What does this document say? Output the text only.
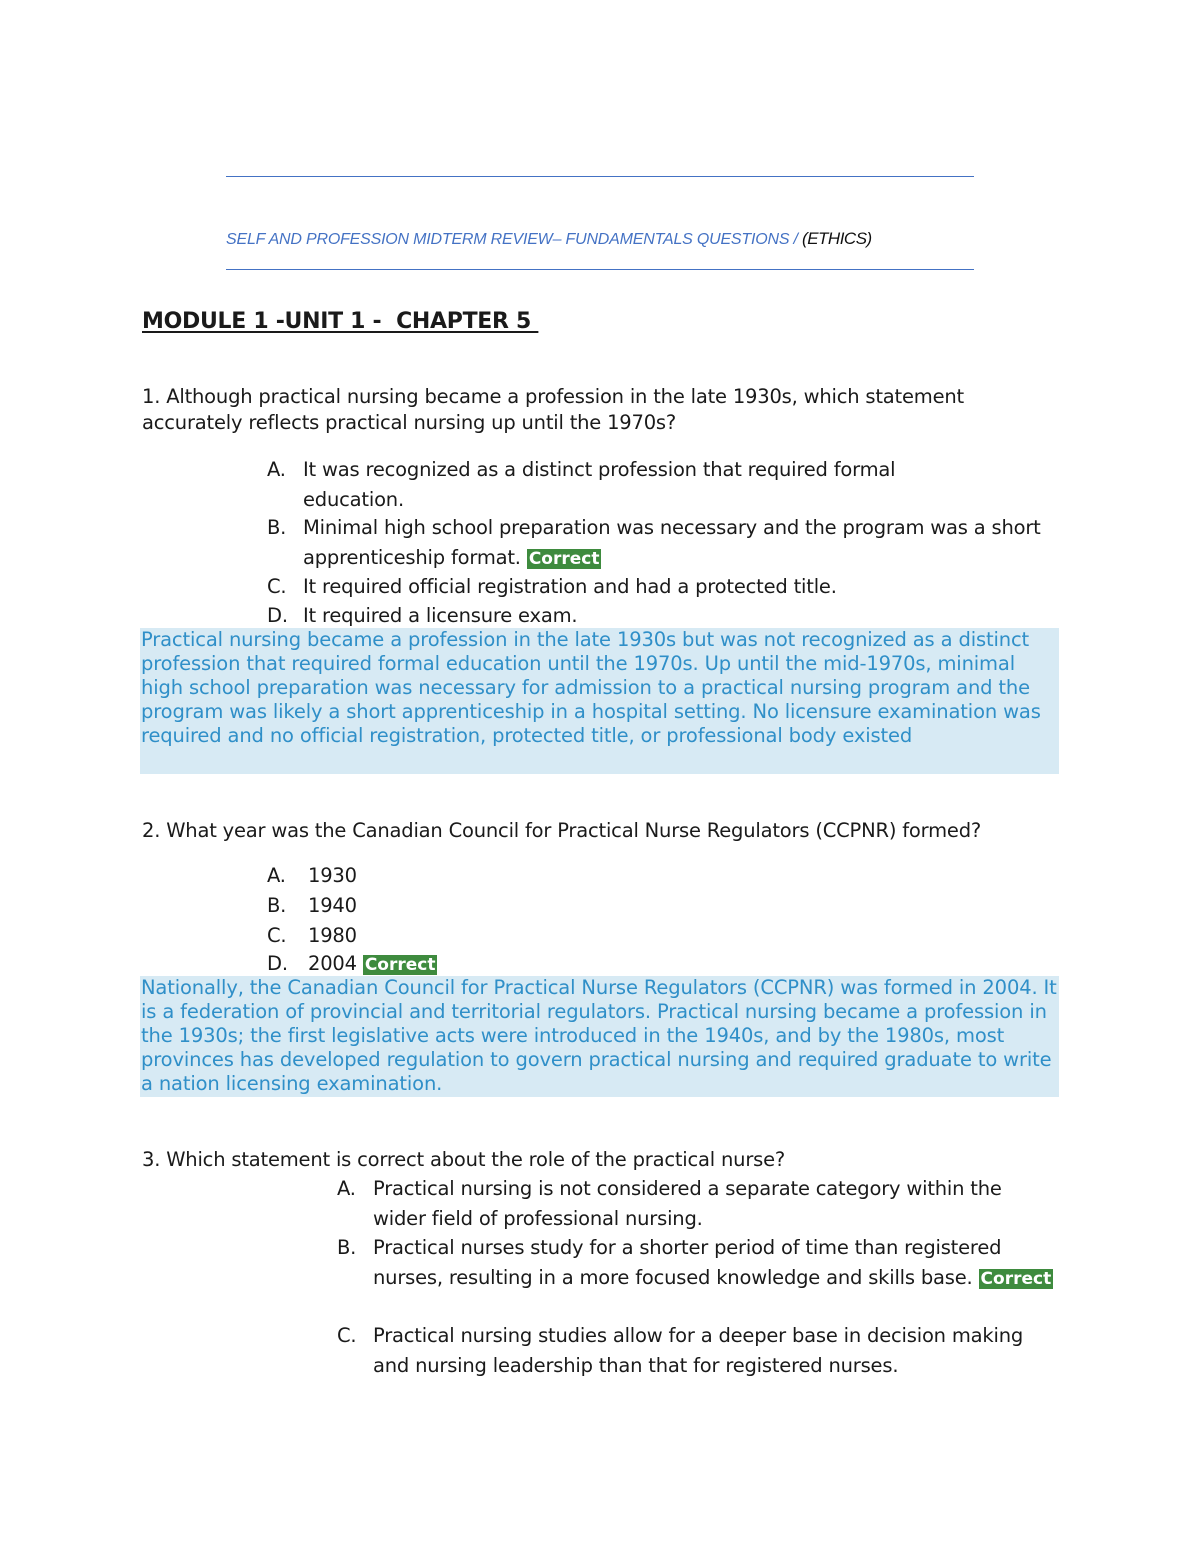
SELF AND PROFESSION MIDTERM REVIEW– FUNDAMENTALS QUESTIONS / (ETHICS)
MODULE 1 -UNIT 1 -  CHAPTER 5
1. Although practical nursing became a profession in the late 1930s, which statement accurately reflects practical nursing up until the 1970s?
A. It was recognized as a distinct profession that required formal education.
B. Minimal high school preparation was necessary and the program was a short apprenticeship format. Correct
C. It required official registration and had a protected title.
D. It required a licensure exam.
Practical nursing became a profession in the late 1930s but was not recognized as a distinct profession that required formal education until the 1970s. Up until the mid-1970s, minimal high school preparation was necessary for admission to a practical nursing program and the program was likely a short apprenticeship in a hospital setting. No licensure examination was required and no official registration, protected title, or professional body existed
2. What year was the Canadian Council for Practical Nurse Regulators (CCPNR) formed?
A.	1930
B.	1940
C.	1980
D.	2004 Correct
Nationally, the Canadian Council for Practical Nurse Regulators (CCPNR) was formed in 2004. It is a federation of provincial and territorial regulators. Practical nursing became a profession in the 1930s; the first legislative acts were introduced in the 1940s, and by the 1980s, most provinces has developed regulation to govern practical nursing and required graduate to write a nation licensing examination.
3. Which statement is correct about the role of the practical nurse?
A. Practical nursing is not considered a separate category within the wider field of professional nursing.
B. Practical nurses study for a shorter period of time than registered nurses, resulting in a more focused knowledge and skills base. Correct
C. Practical nursing studies allow for a deeper base in decision making and nursing leadership than that for registered nurses.
